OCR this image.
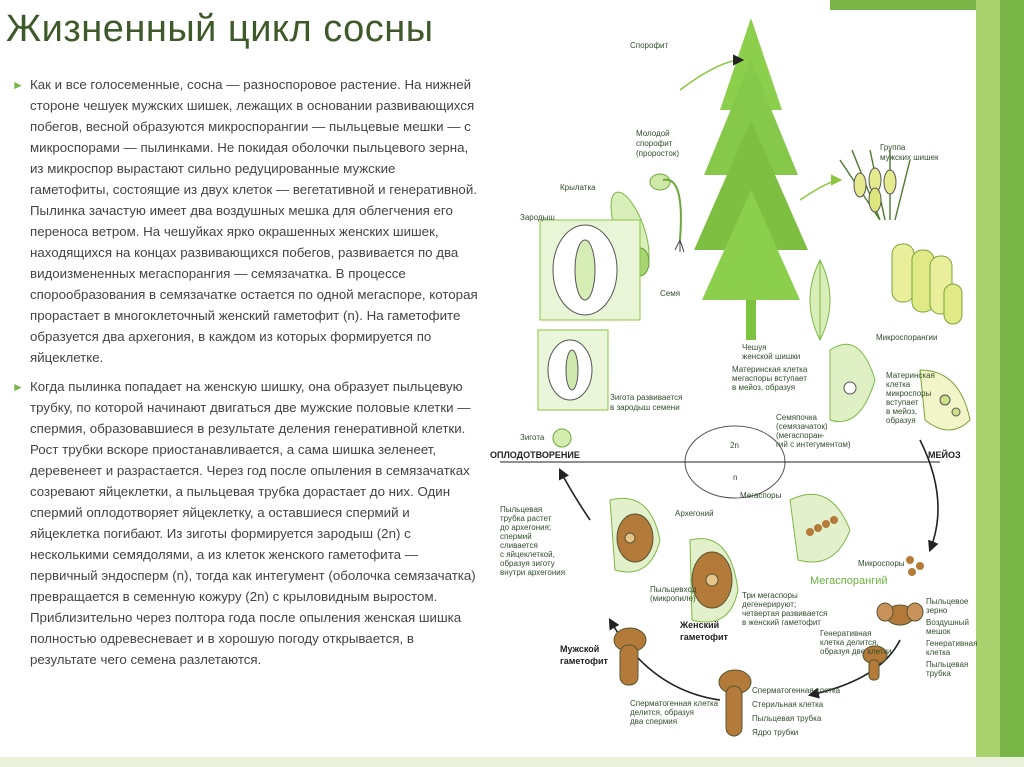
Жизненный цикл сосны

► Как и все голосеменные, сосна — разноспоровое растение. На нижней стороне чешуек мужских шишек, лежащих в основании развивающихся побегов, весной образуются микроспорангии — пыльцевые мешки — с микроспорами — пылинками. Не покидая оболочки пыльцевого зерна, из микроспор вырастают сильно редуцированные мужские гаметофиты, состоящие из двух клеток — вегетативной и генеративной. Пылинка зачастую имеет два воздушных мешка для облегчения его переноса ветром. На чешуйках ярко окрашенных женских шишек, находящихся на концах развивающихся побегов, развивается по два видоизмененных мегаспорангия — семязачатка. В процессе спорообразования в семязачатке остается по одной мегаспоре, которая прорастает в многоклеточный женский гаметофит (n). На гаметофите образуется два архегония, в каждом из которых формируется по яйцеклетке.

► Когда пылинка попадает на женскую шишку, она образует пыльцевую трубку, по которой начинают двигаться две мужские половые клетки — спермия, образовавшиеся в результате деления генеративной клетки. Рост трубки вскоре приостанавливается, а сама шишка зеленеет, деревенеет и разрастается. Через год после опыления в семязачатках созревают яйцеклетки, а пыльцевая трубка дорастает до них. Один спермий оплодотворяет яйцеклетку, а оставшиеся спермий и яйцеклетка погибают. Из зиготы формируется зародыш (2n) с несколькими семядолями, а из клеток женского гаметофита — первичный эндосперм (n), тогда как интегумент (оболочка семязачатка) превращается в семенную кожуру (2n) с крыловидным выростом. Приблизительно через полтора года после опыления женская шишка полностью одревесневает и в хорошую погоду открывается, в результате чего семена разлетаются.

Спорофит
Молодой
спорофит
(проросток)
Крылатка
Семя
Зародыш
Зигота развивается
в зародыш семени
Зигота
Группа
мужских шишек
Микроспорангии
Чешуя
женской шишки
Материнская клетка
мегаспоры вступает
в мейоз, образуя
Материнская
клетка
микроспоры
вступает
в мейоз,
образуя
Семяпочка
(семязачаток)
(мегаспоран-
гий с интегументом)
2n
n
ОПЛОДОТВОРЕНИЕ	МЕЙОЗ
Пыльцевая
трубка растет
до архегония;
спермий
сливается
с яйцеклеткой,
образуя зиготу
внутри архегония
Архегоний
Пыльцевход
(микропиле)
Женский
гаметофит
Мегаспоры
Мегаспорангий
Три мегаспоры
дегенерируют;
четвертая развивается
в женский гаметофит
Микроспоры
Пыльцевое
зерно
Воздушный
мешок
Генеративная
клетка
Пыльцевая
трубка
Генеративная
клетка делится,
образуя две клетки
Мужской
гаметофит
Сперматогенная клетка
Стерильная клетка
Пыльцевая трубка
Ядро трубки
Сперматогенная клетка
делится, образуя
два спермия
